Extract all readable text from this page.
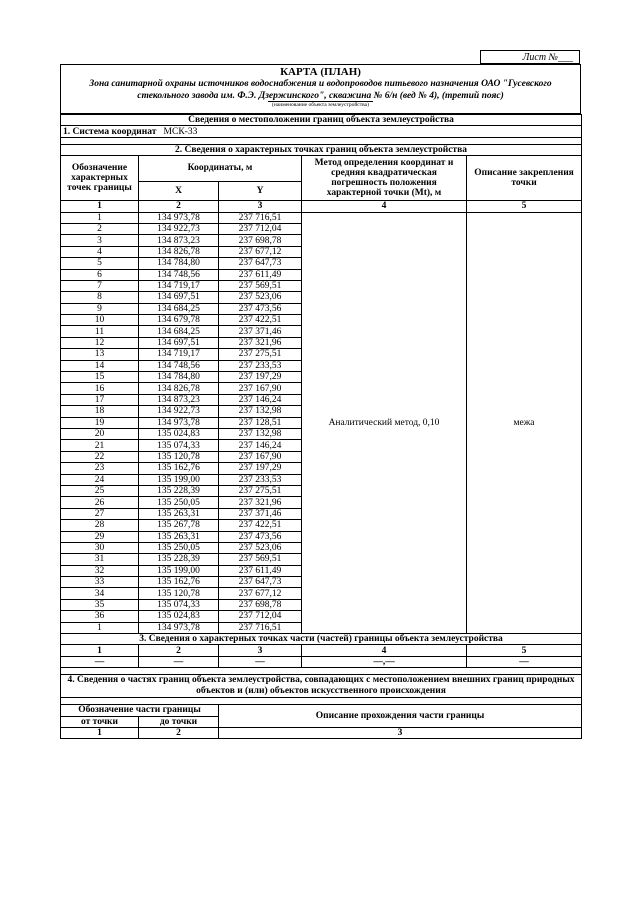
Лист №___
КАРТА (ПЛАН)
Зона санитарной охраны источников водоснабжения и водопроводов питьевого назначения ОАО "Гусевского стекольного завода им. Ф.Э. Дзержинского", скважина № 6/н (вед № 4), (третий пояс)
(наименование объекта землеустройства)
Сведения о местоположении границ объекта землеустройства				
1. Система координат МСК-33				

2. Сведения о характерных точках границ объекта землеустройства				
Обозначение характерных точек границы	Координаты, м		Метод определения координат и средняя квадратическая погрешность положения характерной точки (Мt), м	Описание закрепления точки
	X	Y		
1	2	3	4	5
1	134 973,78	237 716,51	Аналитический метод, 0,10	межа
2	134 922,73	237 712,04		
3	134 873,23	237 698,78		
4	134 826,78	237 677,12		
5	134 784,80	237 647,73		
6	134 748,56	237 611,49		
7	134 719,17	237 569,51		
8	134 697,51	237 523,06		
9	134 684,25	237 473,56		
10	134 679,78	237 422,51		
11	134 684,25	237 371,46		
12	134 697,51	237 321,96		
13	134 719,17	237 275,51		
14	134 748,56	237 233,53		
15	134 784,80	237 197,29		
16	134 826,78	237 167,90		
17	134 873,23	237 146,24		
18	134 922,73	237 132,98		
19	134 973,78	237 128,51		
20	135 024,83	237 132,98		
21	135 074,33	237 146,24		
22	135 120,78	237 167,90		
23	135 162,76	237 197,29		
24	135 199,00	237 233,53		
25	135 228,39	237 275,51		
26	135 250,05	237 321,96		
27	135 263,31	237 371,46		
28	135 267,78	237 422,51		
29	135 263,31	237 473,56		
30	135 250,05	237 523,06		
31	135 228,39	237 569,51		
32	135 199,00	237 611,49		
33	135 162,76	237 647,73		
34	135 120,78	237 677,12		
35	135 074,33	237 698,78		
36	135 024,83	237 712,04		
1	134 973,78	237 716,51		
3. Сведения о характерных точках части (частей) границы объекта землеустройства				
1	2	3	4	5
—	—	—	—,—	—

4. Сведения о частях границ объекта землеустройства, совпадающих с местоположением внешних границ природных объектов и (или) объектов искусственного происхождения				

Обозначение части границы		Описание прохождения части границы		
от точки	до точки			
1	2	3		
